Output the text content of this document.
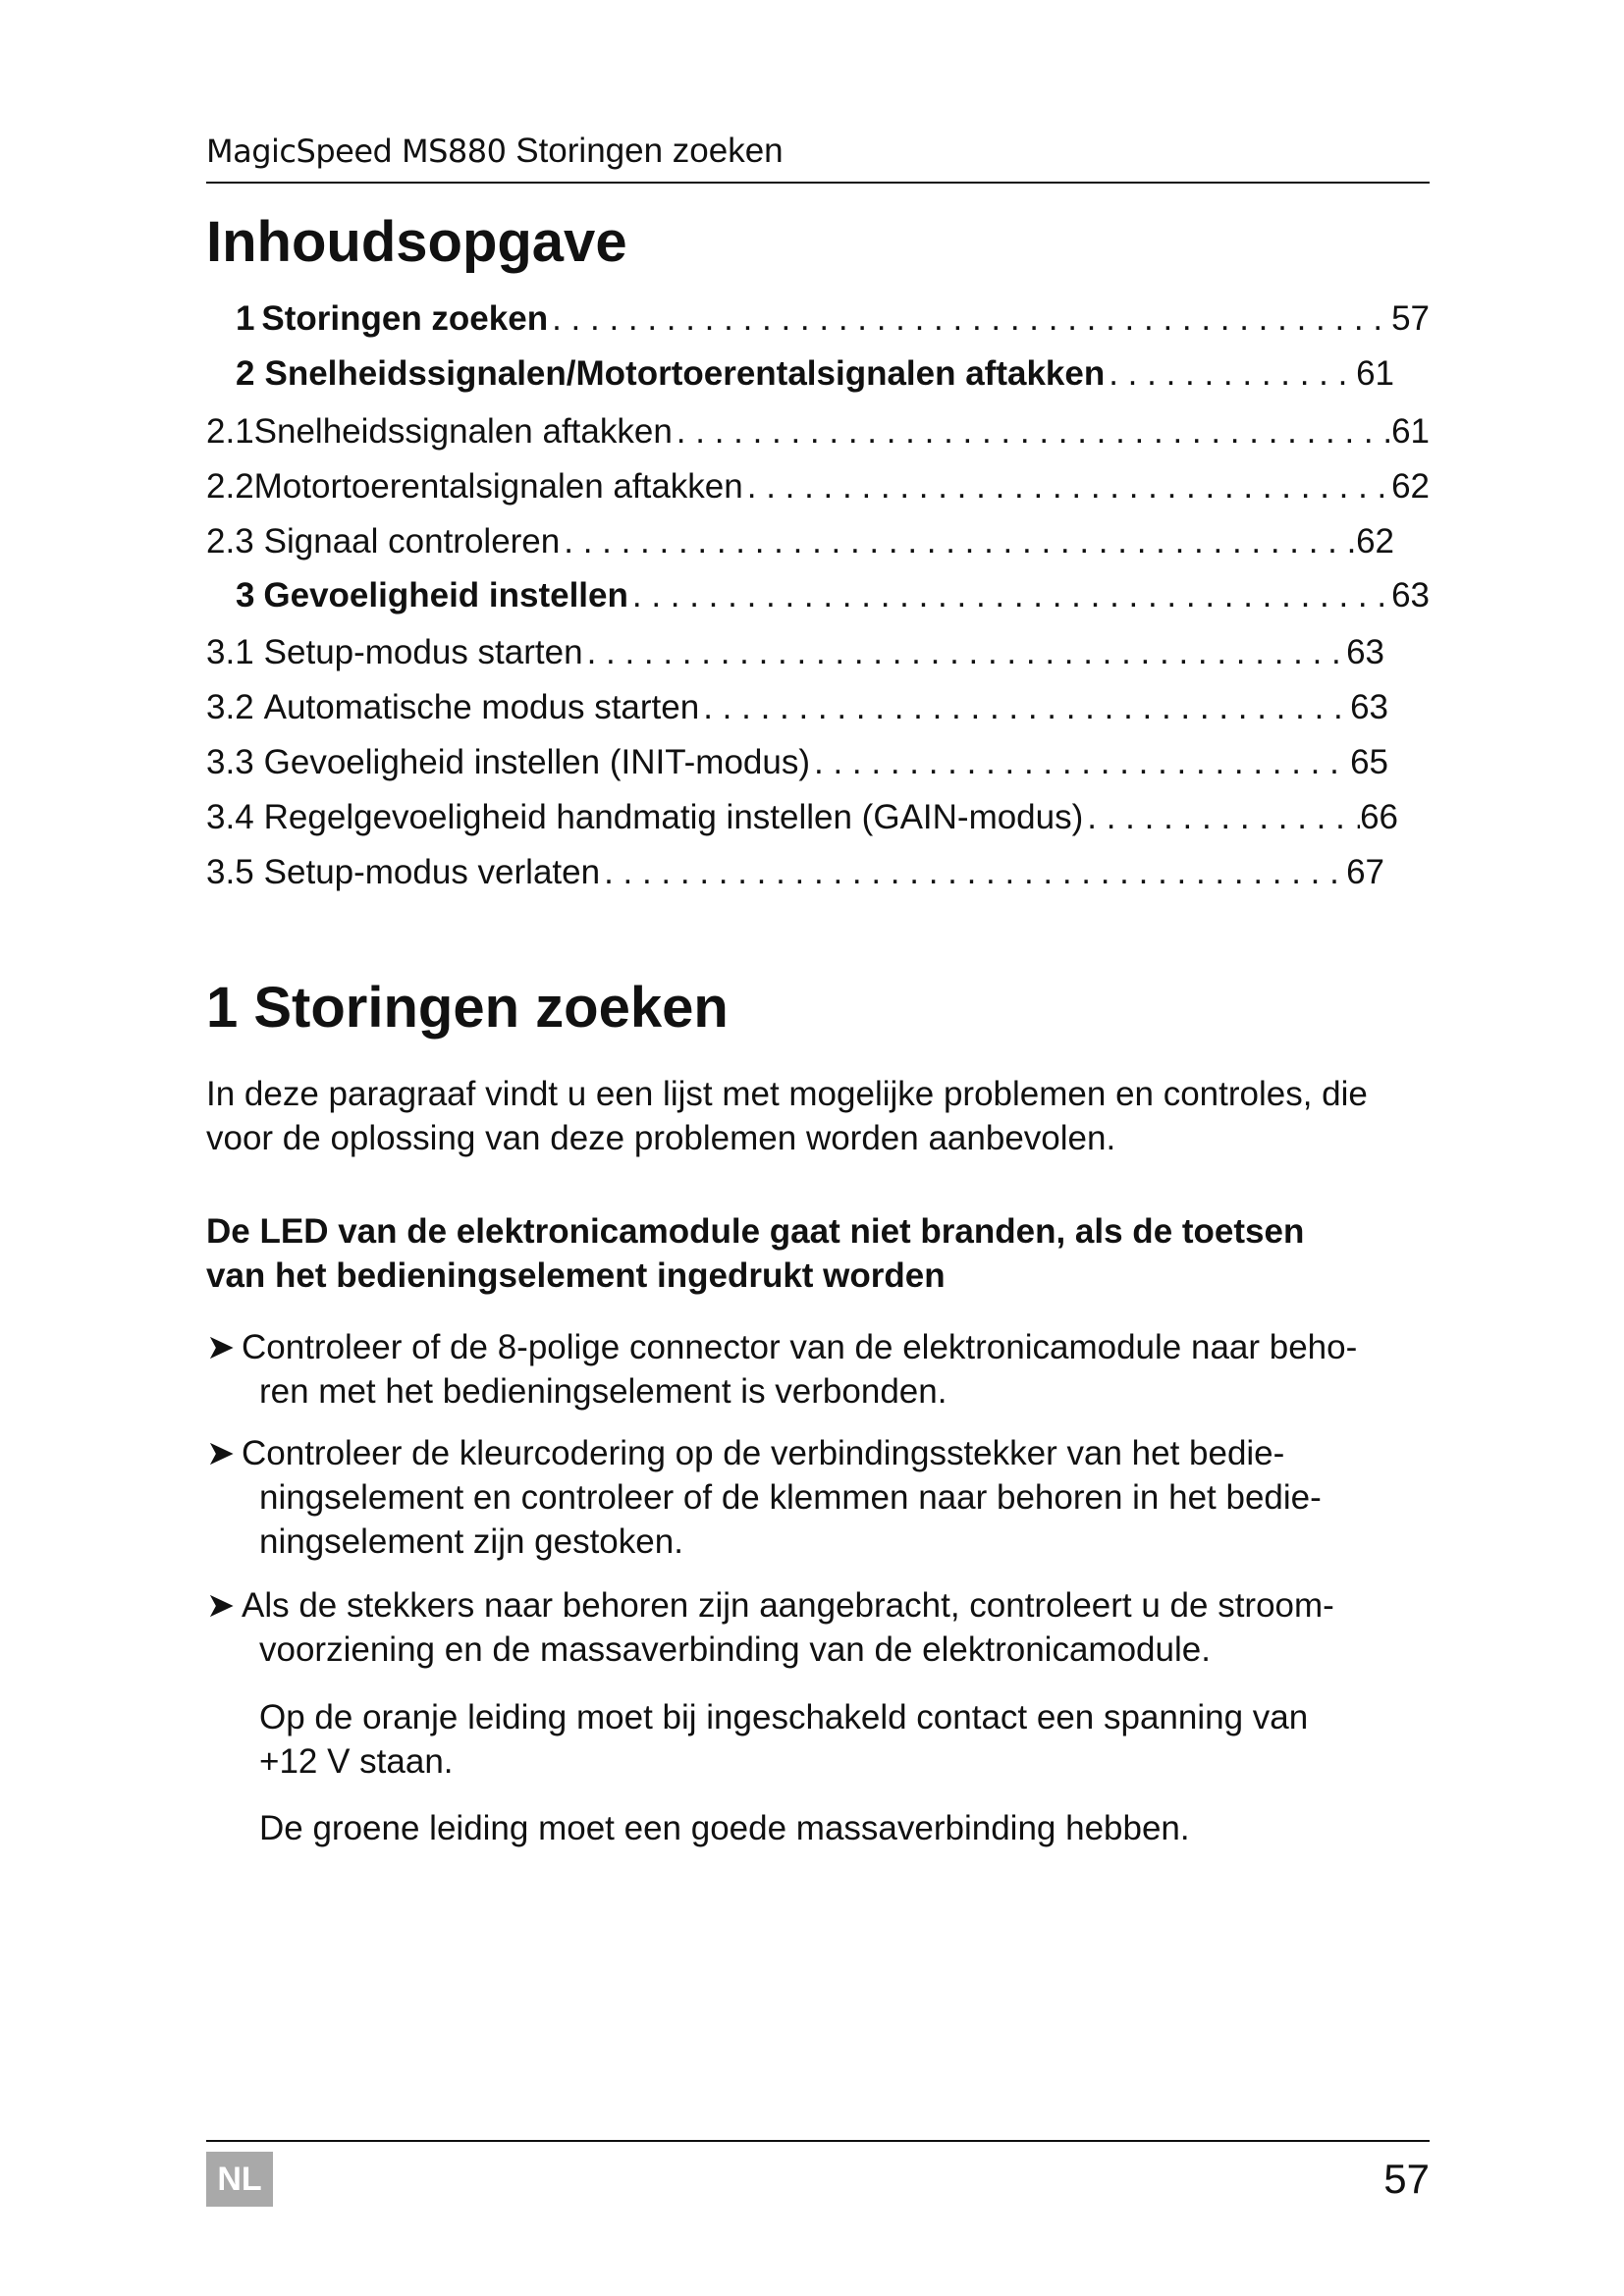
MagicSpeed MS880 Storingen zoeken
Inhoudsopgave
1 Storingen zoeken . . .	57
2 Snelheidssignalen/Motortoerentalsignalen aftakken . . .	61
2.1 Snelheidssignalen aftakken . . .	61
2.2 Motortoerentalsignalen aftakken . . .	62
2.3 Signaal controleren . . .	62
3 Gevoeligheid instellen . . .	63
3.1 Setup-modus starten . . .	63
3.2 Automatische modus starten . . .	63
3.3 Gevoeligheid instellen (INIT-modus) . . .	65
3.4 Regelgevoeligheid handmatig instellen (GAIN-modus) . . .	66
3.5 Setup-modus verlaten . . .	67
1 Storingen zoeken

In deze paragraaf vindt u een lijst met mogelijke problemen en controles, die
voor de oplossing van deze problemen worden aanbevolen.

De LED van de elektronicamodule gaat niet branden, als de toetsen
van het bedieningselement ingedrukt worden

➤ Controleer of de 8-polige connector van de elektronicamodule naar beho-
ren met het bedieningselement is verbonden.
➤ Controleer de kleurcodering op de verbindingsstekker van het bedie-
ningselement en controleer of de klemmen naar behoren in het bedie-
ningselement zijn gestoken.
➤ Als de stekkers naar behoren zijn aangebracht, controleert u de stroom-
voorziening en de massaverbinding van de elektronicamodule.

Op de oranje leiding moet bij ingeschakeld contact een spanning van
+12 V staan.

De groene leiding moet een goede massaverbinding hebben.

NL	57
